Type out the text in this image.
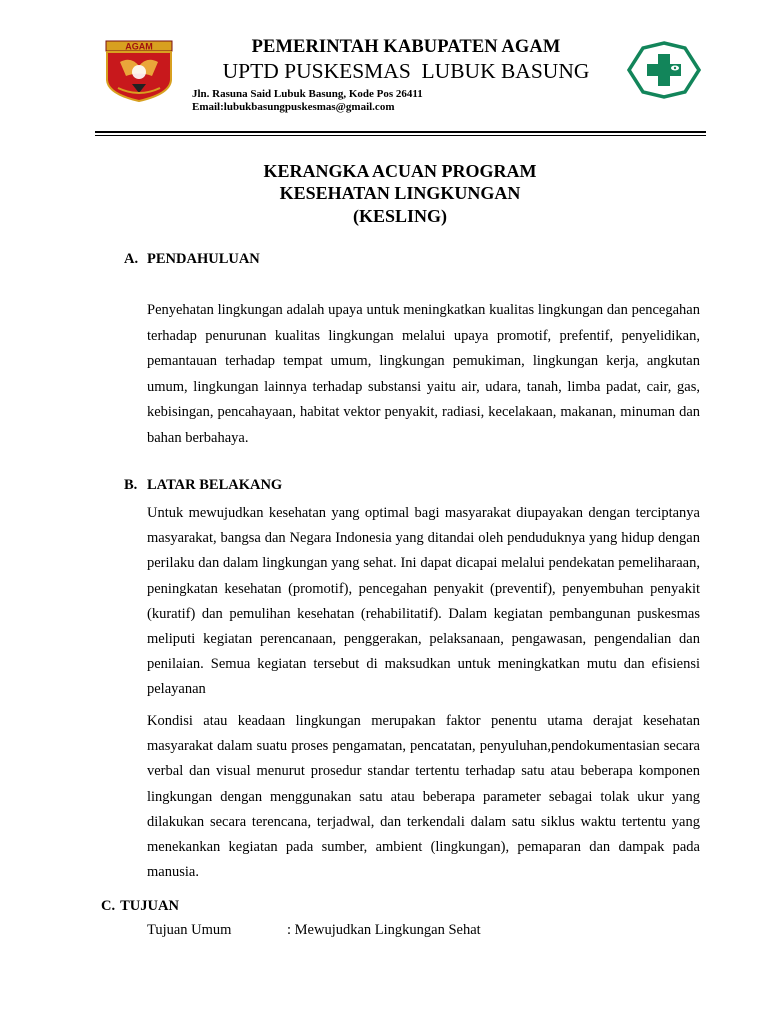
AGAM	PEMERINTAH KABUPATEN AGAM
UPTD PUSKESMAS  LUBUK BASUNG
Jln. Rasuna Said Lubuk Basung, Kode Pos 26411
Email:lubukbasungpuskesmas@gmail.com
KERANGKA ACUAN PROGRAM
KESEHATAN LINGKUNGAN
(KESLING)
A. PENDAHULUAN
Penyehatan lingkungan adalah upaya untuk meningkatkan kualitas lingkungan dan pencegahan terhadap penurunan kualitas lingkungan melalui upaya promotif, prefentif, penyelidikan, pemantauan terhadap tempat umum, lingkungan pemukiman, lingkungan kerja, angkutan umum, lingkungan lainnya terhadap substansi yaitu air, udara, tanah, limba padat, cair, gas, kebisingan, pencahayaan, habitat vektor penyakit, radiasi, kecelakaan, makanan, minuman dan bahan berbahaya.
B. LATAR BELAKANG
Untuk mewujudkan kesehatan yang optimal bagi masyarakat diupayakan dengan terciptanya masyarakat, bangsa dan Negara Indonesia yang ditandai oleh penduduknya yang hidup dengan perilaku dan dalam lingkungan yang sehat. Ini dapat dicapai melalui pendekatan pemeliharaan, peningkatan kesehatan (promotif), pencegahan penyakit (preventif), penyembuhan penyakit (kuratif) dan pemulihan kesehatan (rehabilitatif). Dalam kegiatan pembangunan puskesmas meliputi kegiatan perencanaan, penggerakan, pelaksanaan, pengawasan, pengendalian dan penilaian. Semua kegiatan tersebut di maksudkan untuk meningkatkan mutu dan efisiensi pelayanan
Kondisi atau keadaan lingkungan merupakan faktor penentu utama derajat kesehatan masyarakat dalam suatu proses pengamatan, pencatatan, penyuluhan,pendokumentasian secara verbal dan visual menurut prosedur standar tertentu terhadap satu atau beberapa komponen lingkungan dengan menggunakan satu atau beberapa parameter sebagai tolak ukur yang dilakukan secara terencana, terjadwal, dan terkendali dalam satu siklus waktu tertentu yang menekankan kegiatan pada sumber, ambient (lingkungan), pemaparan dan dampak pada manusia.
C. TUJUAN
Tujuan Umum	: Mewujudkan Lingkungan Sehat
